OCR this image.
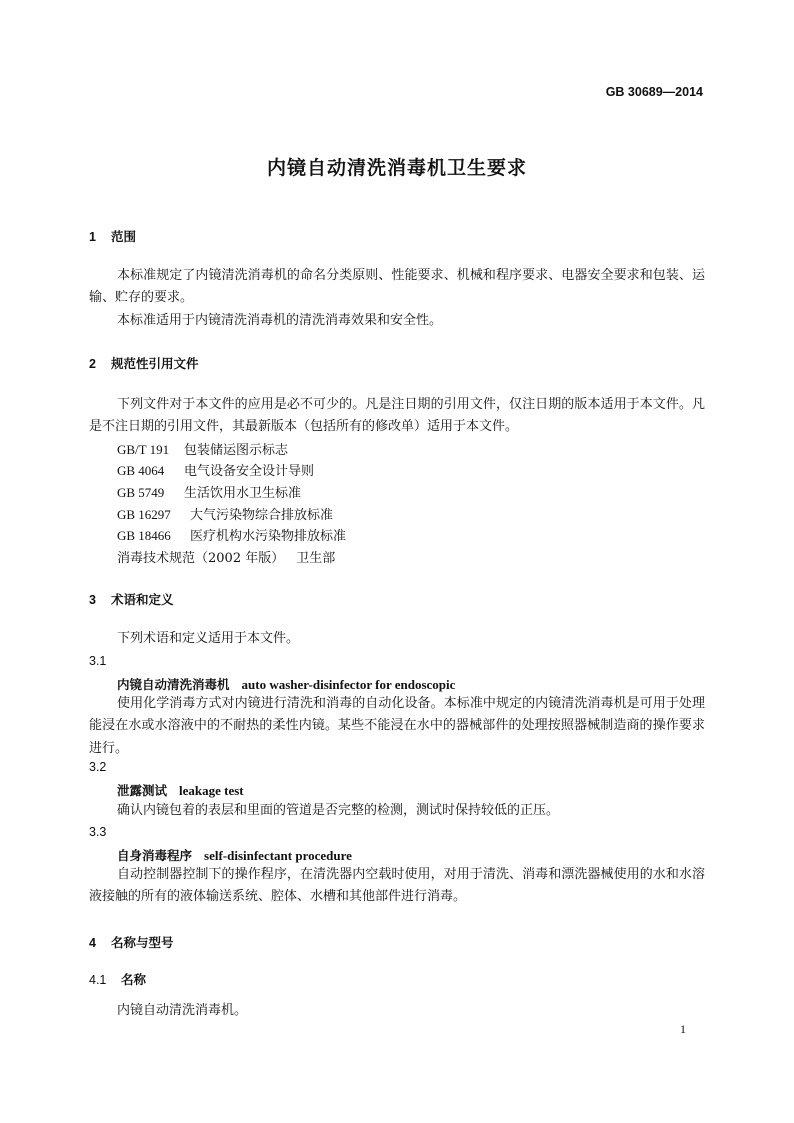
GB 30689—2014
内镜自动清洗消毒机卫生要求
1 范围
本标准规定了内镜清洗消毒机的命名分类原则、性能要求、机械和程序要求、电器安全要求和包装、运输、贮存的要求。
本标准适用于内镜清洗消毒机的清洗消毒效果和安全性。
2 规范性引用文件
下列文件对于本文件的应用是必不可少的。凡是注日期的引用文件，仅注日期的版本适用于本文件。凡是不注日期的引用文件，其最新版本（包括所有的修改单）适用于本文件。
GB/T 191 包装储运图示标志
GB 4064 电气设备安全设计导则
GB 5749 生活饮用水卫生标准
GB 16297 大气污染物综合排放标准
GB 18466 医疗机构水污染物排放标准
消毒技术规范（2002 年版） 卫生部
3 术语和定义
下列术语和定义适用于本文件。
3.1
内镜自动清洗消毒机 auto washer-disinfector for endoscopic
使用化学消毒方式对内镜进行清洗和消毒的自动化设备。本标准中规定的内镜清洗消毒机是可用于处理能浸在水或水溶液中的不耐热的柔性内镜。某些不能浸在水中的器械部件的处理按照器械制造商的操作要求进行。
3.2
泄露测试 leakage test
确认内镜包着的表层和里面的管道是否完整的检测，测试时保持较低的正压。
3.3
自身消毒程序 self-disinfectant procedure
自动控制器控制下的操作程序，在清洗器内空载时使用，对用于清洗、消毒和漂洗器械使用的水和水溶液接触的所有的液体输送系统、腔体、水槽和其他部件进行消毒。
4 名称与型号
4.1 名称
内镜自动清洗消毒机。
1
